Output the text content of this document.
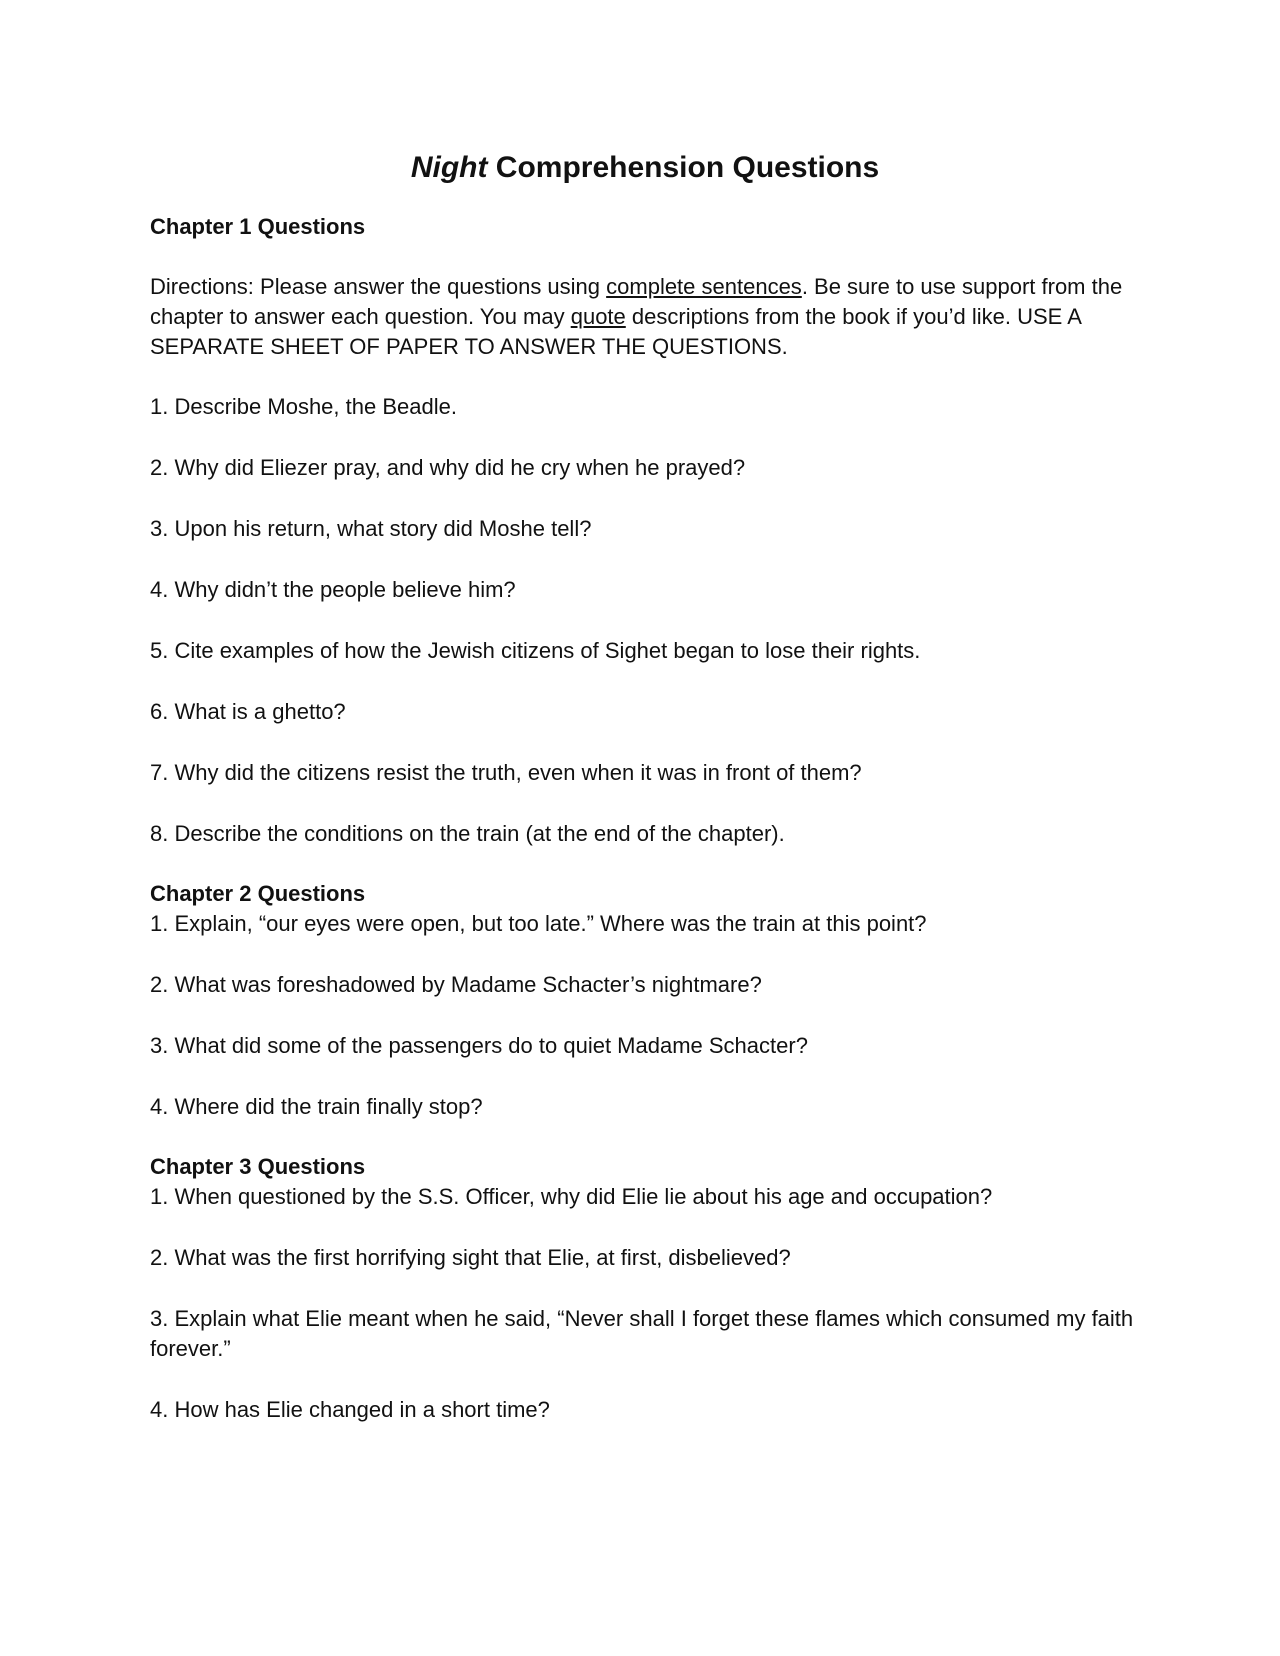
Night Comprehension Questions

Chapter 1 Questions

Directions: Please answer the questions using complete sentences. Be sure to use support from the chapter to answer each question. You may quote descriptions from the book if you’d like. USE A SEPARATE SHEET OF PAPER TO ANSWER THE QUESTIONS.

1. Describe Moshe, the Beadle.

2. Why did Eliezer pray, and why did he cry when he prayed?

3. Upon his return, what story did Moshe tell?

4. Why didn’t the people believe him?

5. Cite examples of how the Jewish citizens of Sighet began to lose their rights.

6. What is a ghetto?

7. Why did the citizens resist the truth, even when it was in front of them?

8. Describe the conditions on the train (at the end of the chapter).

Chapter 2 Questions

1. Explain, “our eyes were open, but too late.” Where was the train at this point?

2. What was foreshadowed by Madame Schacter’s nightmare?

3. What did some of the passengers do to quiet Madame Schacter?

4. Where did the train finally stop?

Chapter 3 Questions

1. When questioned by the S.S. Officer, why did Elie lie about his age and occupation?

2. What was the first horrifying sight that Elie, at first, disbelieved?

3. Explain what Elie meant when he said, “Never shall I forget these flames which consumed my faith forever.”

4. How has Elie changed in a short time?
